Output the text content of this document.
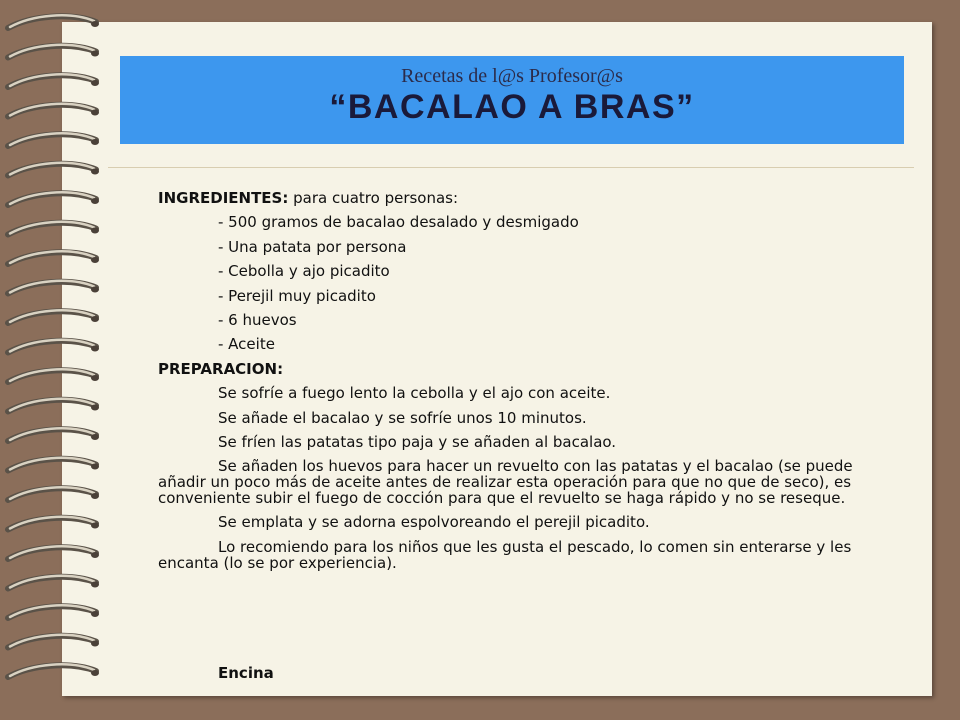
Recetas de l@s Profesor@s
“BACALAO A BRAS”

INGREDIENTES: para cuatro personas:

- 500 gramos de bacalao desalado y desmigado

- Una patata por persona

- Cebolla y ajo picadito

- Perejil muy picadito

- 6 huevos

- Aceite

PREPARACION:

Se sofríe a fuego lento la cebolla y el ajo con aceite.

Se añade el bacalao y se sofríe unos 10 minutos.

Se fríen las patatas tipo paja y se añaden al bacalao.

Se añaden los huevos para hacer un revuelto con las patatas y el bacalao (se puede añadir un poco más de aceite antes de realizar esta operación para que no que de seco), es conveniente subir el fuego de cocción para que el revuelto se haga rápido y no se reseque.

Se emplata y se adorna espolvoreando el perejil picadito.

Lo recomiendo para los niños que les gusta el pescado, lo comen sin enterarse y les encanta (lo se por experiencia).

Encina
